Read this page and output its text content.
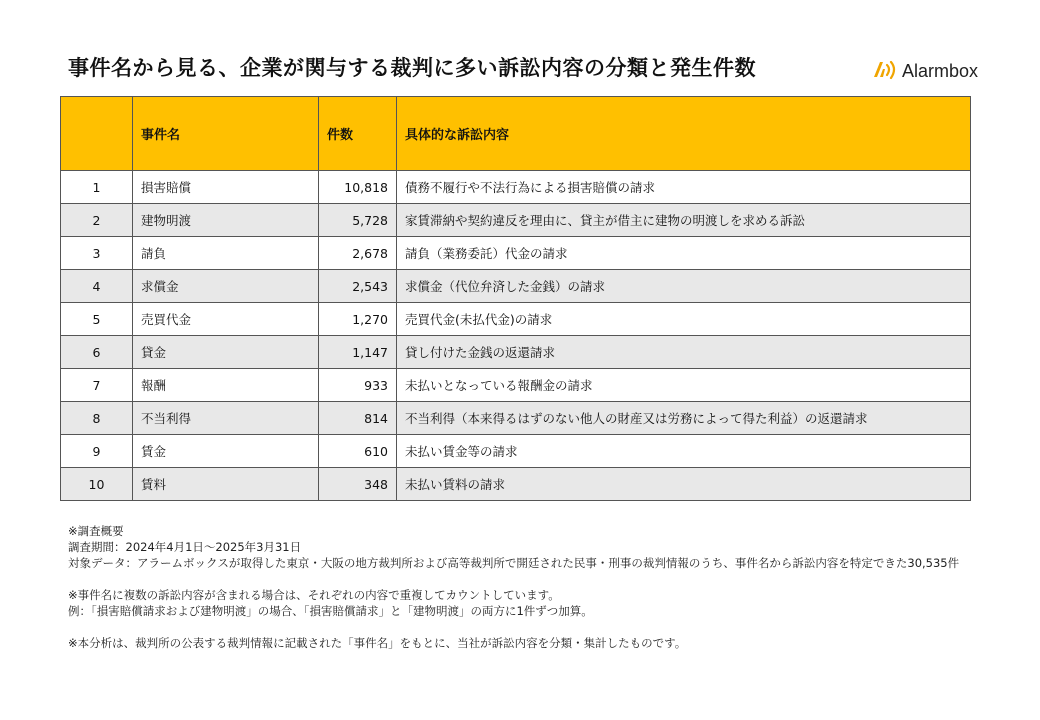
事件名から見る、企業が関与する裁判に多い訴訟内容の分類と発生件数	Alarmbox
	事件名	件数	具体的な訴訟内容
1	損害賠償	10,818	債務不履行や不法行為による損害賠償の請求
2	建物明渡	5,728	家賃滞納や契約違反を理由に、貸主が借主に建物の明渡しを求める訴訟
3	請負	2,678	請負（業務委託）代金の請求
4	求償金	2,543	求償金（代位弁済した金銭）の請求
5	売買代金	1,270	売買代金(未払代金)の請求
6	貸金	1,147	貸し付けた金銭の返還請求
7	報酬	933	未払いとなっている報酬金の請求
8	不当利得	814	不当利得（本来得るはずのない他人の財産又は労務によって得た利益）の返還請求
9	賃金	610	未払い賃金等の請求
10	賃料	348	未払い賃料の請求

※調査概要

調査期間：2024年4月1日〜2025年3月31日

対象データ：アラームボックスが取得した東京・大阪の地方裁判所および高等裁判所で開廷された民事・刑事の裁判情報のうち、事件名から訴訟内容を特定できた30,535件

※事件名に複数の訴訟内容が含まれる場合は、それぞれの内容で重複してカウントしています。

例：「損害賠償請求および建物明渡」の場合、「損害賠償請求」と「建物明渡」の両方に1件ずつ加算。

※本分析は、裁判所の公表する裁判情報に記載された「事件名」をもとに、当社が訴訟内容を分類・集計したものです。
